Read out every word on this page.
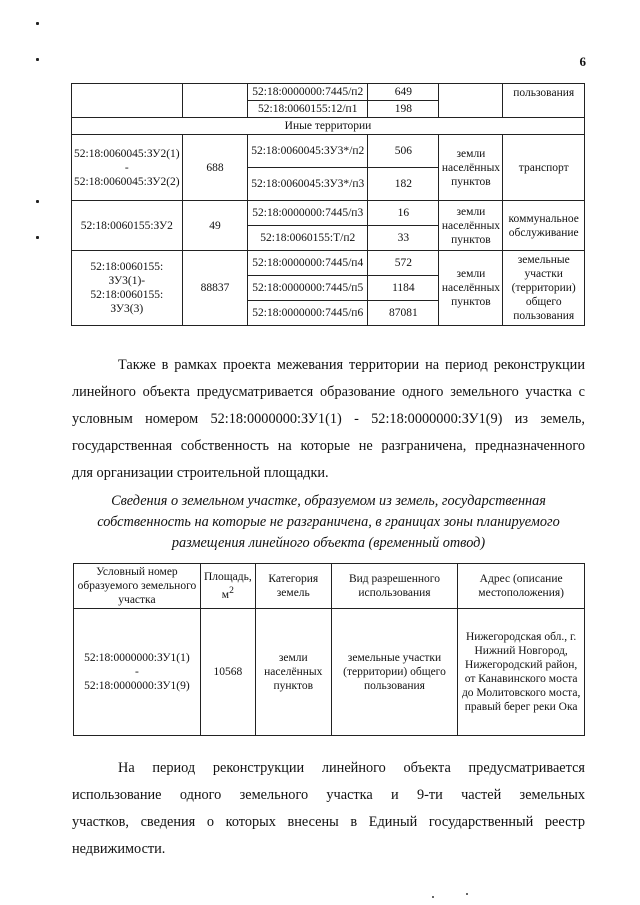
6
		52:18:0000000:7445/п2	649		пользования
		52:18:0060155:12/п1	198		
Иные территории					
52:18:0060045:ЗУ2(1) - 52:18:0060045:ЗУ2(2)	688	52:18:0060045:ЗУ3*/п2	506	земли населённых пунктов	транспорт
		52:18:0060045:ЗУ3*/п3	182		
52:18:0060155:ЗУ2	49	52:18:0000000:7445/п3	16	земли населённых пунктов	коммунальное обслуживание
		52:18:0060155:Т/п2	33		
52:18:0060155: ЗУ3(1)- 52:18:0060155: ЗУ3(3)	88837	52:18:0000000:7445/п4	572	земли населённых пунктов	земельные участки (территории) общего пользования
		52:18:0000000:7445/п5	1184		
		52:18:0000000:7445/п6	87081		
Также в рамках проекта межевания территории на период реконструкции
линейного объекта предусматривается образование одного земельного участка с
условным номером 52:18:0000000:ЗУ1(1) - 52:18:0000000:ЗУ1(9) из земель,
государственная собственность на которые не разграничена, предназначенного
для организации строительной площадки.
Сведения о земельном участке, образуемом из земель, государственная собственность на которые не разграничена, в границах зоны планируемого размещения линейного объекта (временный отвод)
Условный номер образуемого земельного участка	Площадь, $м^2$	Категория земель	Вид разрешенного использования	Адрес (описание местоположения)

52:18:0000000:ЗУ1(1)
-
52:18:0000000:ЗУ1(9)	10568	земли населённых пунктов	земельные участки (территории) общего пользования	Нижегородская обл., г. Нижний Новгород, Нижегородский район, от Канавинского моста до Молитовского моста, правый берег реки Ока
На период реконструкции линейного объекта предусматривается
использование одного земельного участка и 9-ти частей земельных
участков, сведения о которых внесены в Единый государственный реестр
недвижимости.
